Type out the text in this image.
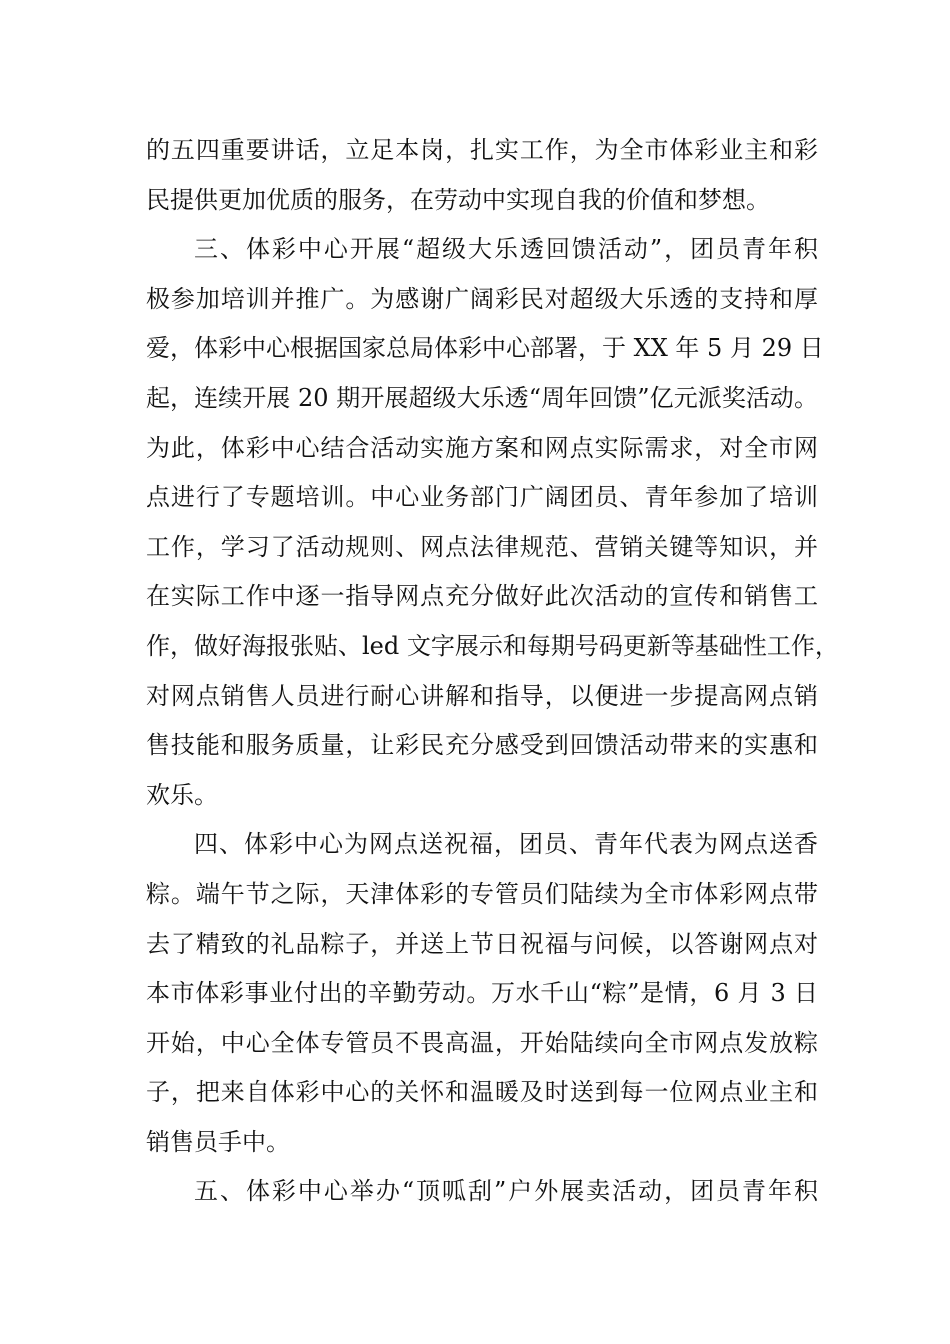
的五四重要讲话，立足本岗，扎实工作，为全市体彩业主和彩
民提供更加优质的服务，在劳动中实现自我的价值和梦想。
三、体彩中心开展“超级大乐透回馈活动”，团员青年积
极参加培训并推广。为感谢广阔彩民对超级大乐透的支持和厚
爱，体彩中心根据国家总局体彩中心部署，于 XX 年 5 月 29 日
起，连续开展 20 期开展超级大乐透“周年回馈”亿元派奖活动。
为此，体彩中心结合活动实施方案和网点实际需求，对全市网
点进行了专题培训。中心业务部门广阔团员、青年参加了培训
工作，学习了活动规则、网点法律规范、营销关键等知识，并
在实际工作中逐一指导网点充分做好此次活动的宣传和销售工
作，做好海报张贴、led 文字展示和每期号码更新等基础性工作，
对网点销售人员进行耐心讲解和指导，以便进一步提高网点销
售技能和服务质量，让彩民充分感受到回馈活动带来的实惠和
欢乐。
四、体彩中心为网点送祝福，团员、青年代表为网点送香
粽。端午节之际，天津体彩的专管员们陆续为全市体彩网点带
去了精致的礼品粽子，并送上节日祝福与问候，以答谢网点对
本市体彩事业付出的辛勤劳动。万水千山“粽”是情，6 月 3 日
开始，中心全体专管员不畏高温，开始陆续向全市网点发放粽
子，把来自体彩中心的关怀和温暖及时送到每一位网点业主和
销售员手中。
五、体彩中心举办“顶呱刮”户外展卖活动，团员青年积
